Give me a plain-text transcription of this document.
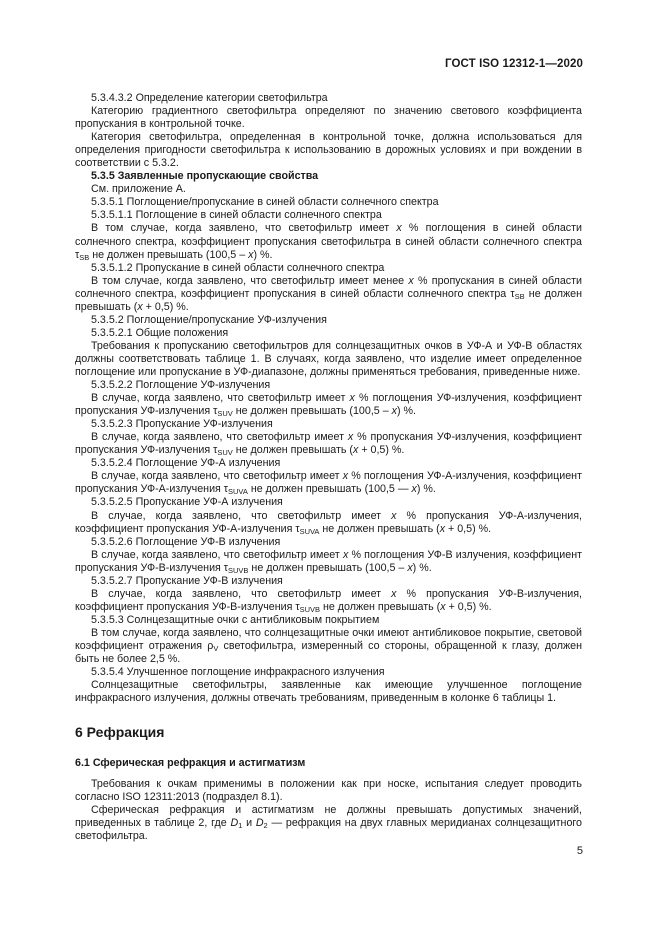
ГОСТ ISO 12312-1—2020

5.3.4.3.2 Определение категории светофильтра

Категорию градиентного светофильтра определяют по значению светового коэффициента пропускания в контрольной точке.

Категория светофильтра, определенная в контрольной точке, должна использоваться для определения пригодности светофильтра к использованию в дорожных условиях и при вождении в соответствии с 5.3.2.

5.3.5 Заявленные пропускающие свойства

См. приложение А.

5.3.5.1 Поглощение/пропускание в синей области солнечного спектра

5.3.5.1.1 Поглощение в синей области солнечного спектра

В том случае, когда заявлено, что светофильтр имеет x % поглощения в синей области солнечного спектра, коэффициент пропускания светофильтра в синей области солнечного спектра $\tau_{SB}$ не должен превышать (100,5 – x) %.

5.3.5.1.2 Пропускание в синей области солнечного спектра

В том случае, когда заявлено, что светофильтр имеет менее x % пропускания в синей области солнечного спектра, коэффициент пропускания в синей области солнечного спектра $\tau_{SB}$ не должен превышать (x + 0,5) %.

5.3.5.2 Поглощение/пропускание УФ-излучения

5.3.5.2.1 Общие положения

Требования к пропусканию светофильтров для солнцезащитных очков в УФ-А и УФ-В областях должны соответствовать таблице 1. В случаях, когда заявлено, что изделие имеет определенное поглощение или пропускание в УФ-диапазоне, должны применяться требования, приведенные ниже.

5.3.5.2.2 Поглощение УФ-излучения

В случае, когда заявлено, что светофильтр имеет x % поглощения УФ-излучения, коэффициент пропускания УФ-излучения $\tau_{SUV}$ не должен превышать (100,5 – x) %.

5.3.5.2.3 Пропускание УФ-излучения

В случае, когда заявлено, что светофильтр имеет x % пропускания УФ-излучения, коэффициент пропускания УФ-излучения $\tau_{SUV}$ не должен превышать (x + 0,5) %.

5.3.5.2.4 Поглощение УФ-А излучения

В случае, когда заявлено, что светофильтр имеет x % поглощения УФ-А-излучения, коэффициент пропускания УФ-А-излучения $\tau_{SUVA}$ не должен превышать (100,5 — x) %.

5.3.5.2.5 Пропускание УФ-А излучения

В случае, когда заявлено, что светофильтр имеет x % пропускания УФ-А-излучения, коэффициент пропускания УФ-А-излучения $\tau_{SUVA}$ не должен превышать (x + 0,5) %.

5.3.5.2.6 Поглощение УФ-В излучения

В случае, когда заявлено, что светофильтр имеет x % поглощения УФ-В излучения, коэффициент пропускания УФ-В-излучения $\tau_{SUVB}$ не должен превышать (100,5 – x) %.

5.3.5.2.7 Пропускание УФ-В излучения

В случае, когда заявлено, что светофильтр имеет x % пропускания УФ-В-излучения, коэффициент пропускания УФ-В-излучения $\tau_{SUVB}$ не должен превышать (x + 0,5) %.

5.3.5.3 Солнцезащитные очки с антибликовым покрытием

В том случае, когда заявлено, что солнцезащитные очки имеют антибликовое покрытие, световой коэффициент отражения $\rho_V$ светофильтра, измеренный со стороны, обращенной к глазу, должен быть не более 2,5 %.

5.3.5.4 Улучшенное поглощение инфракрасного излучения

Солнцезащитные светофильтры, заявленные как имеющие улучшенное поглощение инфракрасного излучения, должны отвечать требованиям, приведенным в колонке 6 таблицы 1.

6 Рефракция
6.1 Сферическая рефракция и астигматизм

Требования к очкам применимы в положении как при носке, испытания следует проводить согласно ISO 12311:2013 (подраздел 8.1).

Сферическая рефракция и астигматизм не должны превышать допустимых значений, приведенных в таблице 2, где $D_1$ и $D_2$ — рефракция на двух главных меридианах солнцезащитного светофильтра.

5
